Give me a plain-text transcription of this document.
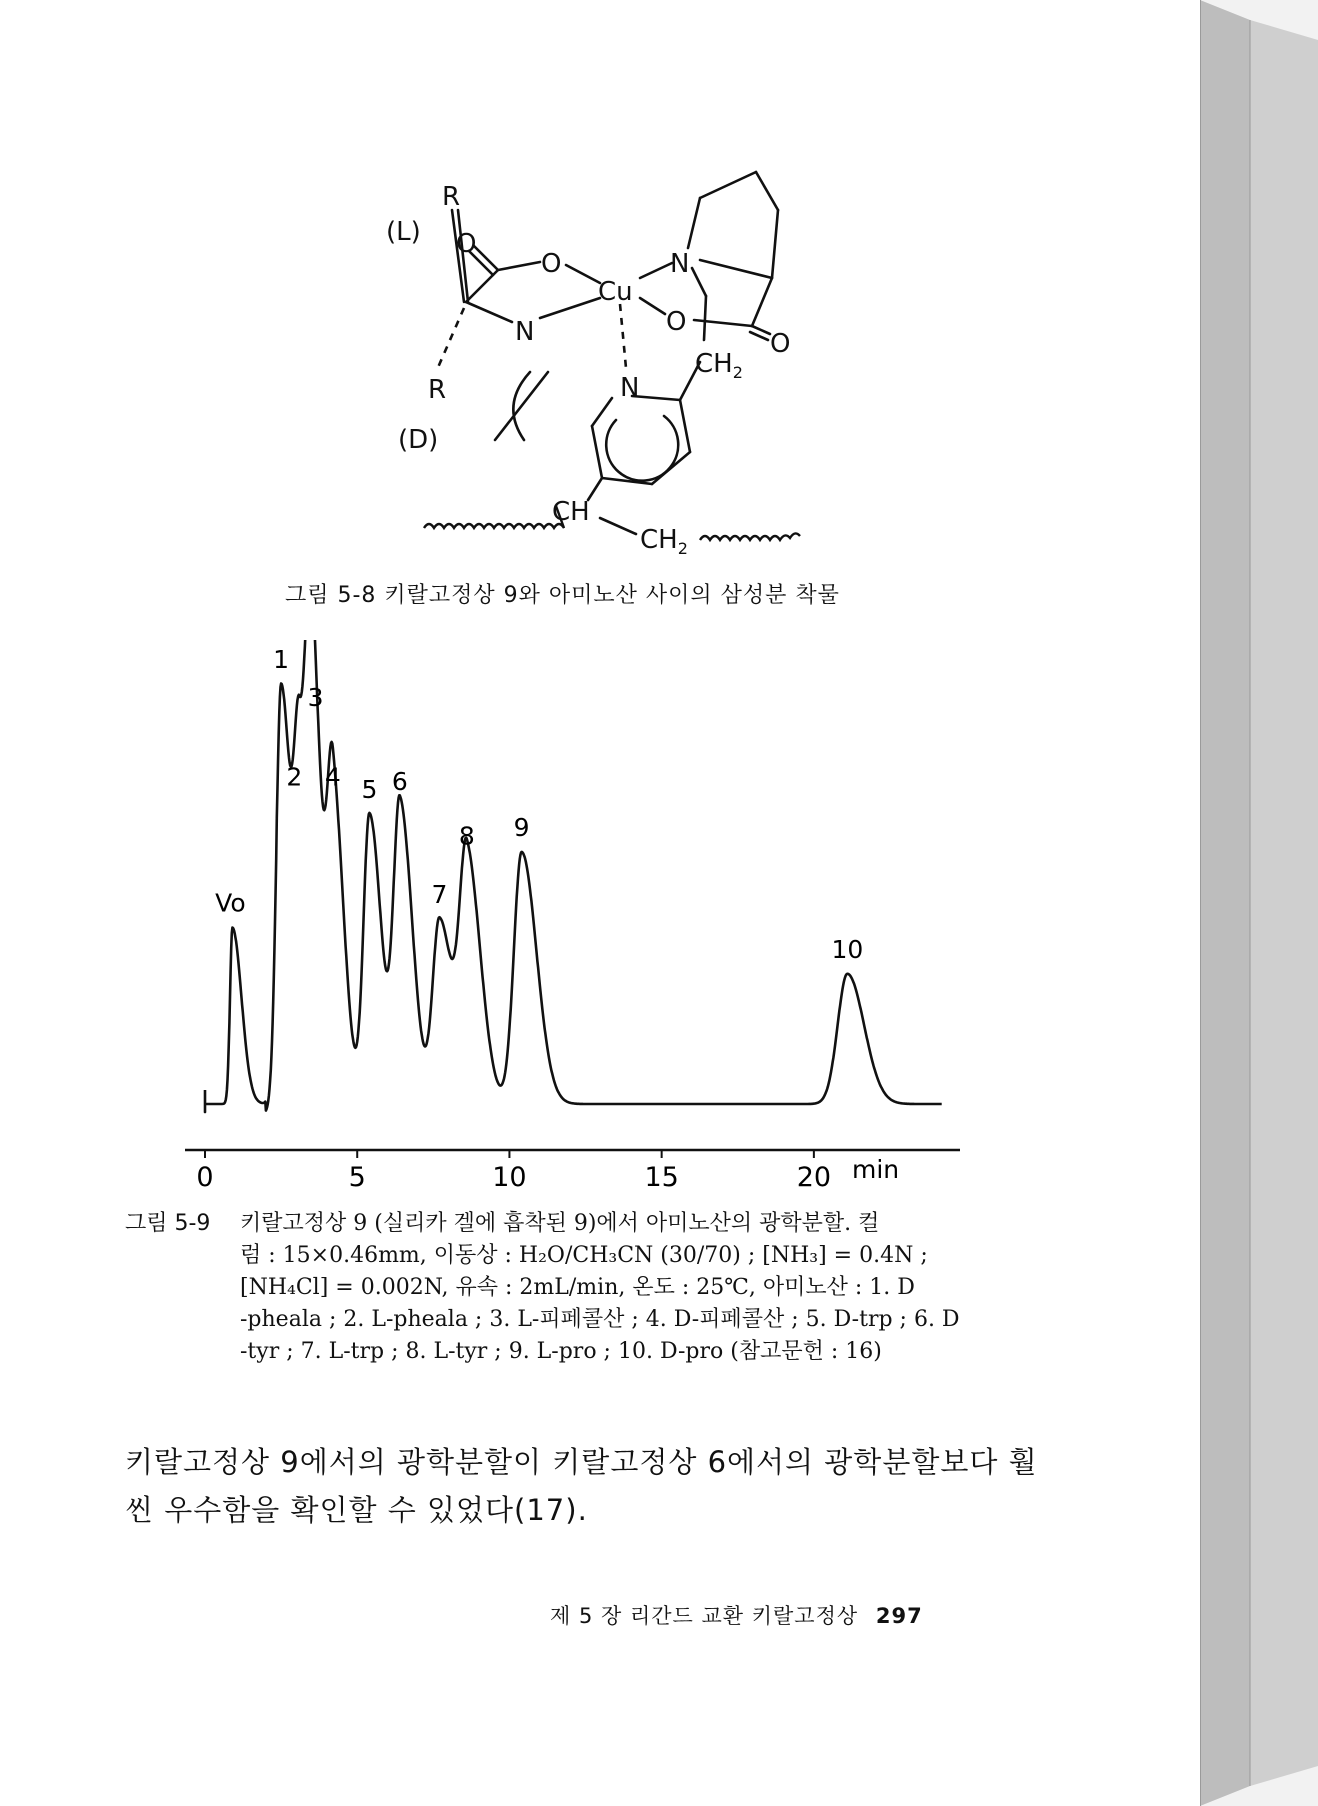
R
(L)
R
(D)
O
O
Cu
N
N
O
O
N
$CH_2$
CH
$CH_2$
그림 5-8 키랄고정상 9와 아미노산 사이의 삼성분 착물
Vo
1
2
3
4 5 6
7
8 9
10
0	5	10	15	20 min
그림 5-9 키랄고정상 9 (실리카 겔에 흡착된 9)에서 아미노산의 광학분할. 컬
럼 : 15×0.46mm, 이동상 : H₂O/CH₃CN (30/70) ; [NH₃] = 0.4N ;
[NH₄Cl] = 0.002N, 유속 : 2mL/min, 온도 : 25℃, 아미노산 : 1. D
-pheala ; 2. L-pheala ; 3. L-피페콜산 ; 4. D-피페콜산 ; 5. D-trp ; 6. D
-tyr ; 7. L-trp ; 8. L-tyr ; 9. L-pro ; 10. D-pro (참고문헌 : 16)
키랄고정상 9에서의 광학분할이 키랄고정상 6에서의 광학분할보다 훨
씬 우수함을 확인할 수 있었다(17).
제 5 장 리간드 교환 키랄고정상 297
